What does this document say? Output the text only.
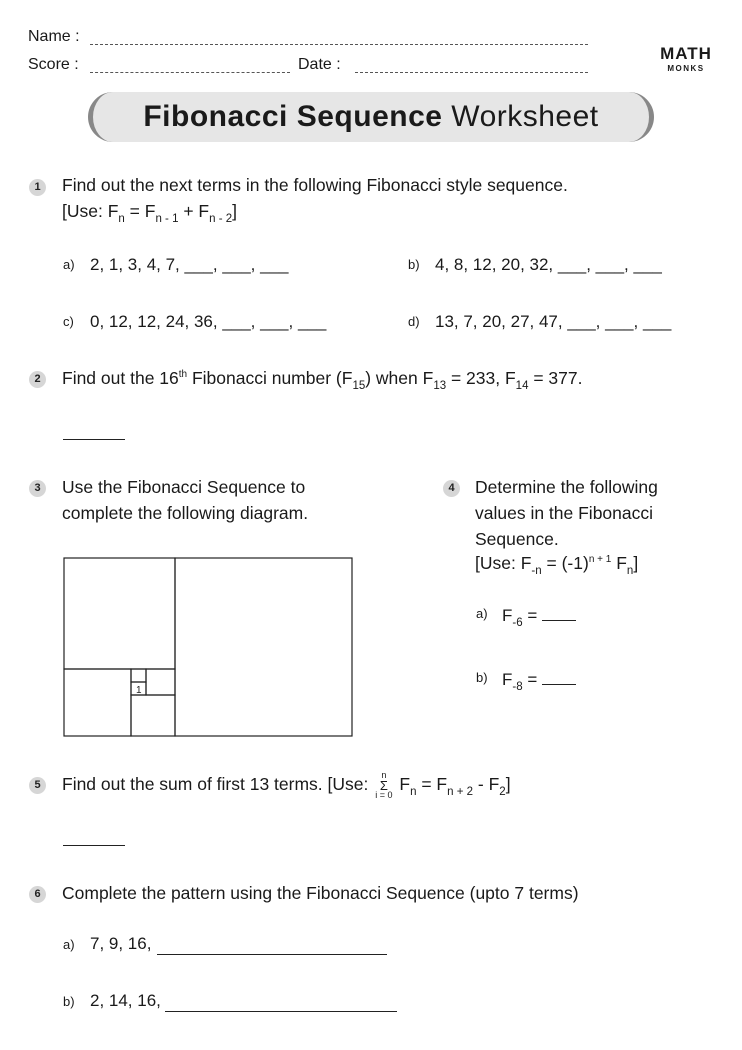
Name :
Score :	Date :
MATH
MONKS
Fibonacci Sequence Worksheet
1	Find out the next terms in the following Fibonacci style sequence.
[Use: $F_n = F_{n - 1} + F_{n - 2}$]
a) 2, 1, 3, 4, 7, ___, ___, ___	b) 4, 8, 12, 20, 32, ___, ___, ___
c) 0, 12, 12, 24, 36, ___, ___, ___	d) 13, 7, 20, 27, 47, ___, ___, ___
2	Find out the 16th Fibonacci number $(F_{15})$ when $F_{13} = 233$, $F_{14} = 377$.
3	Use the Fibonacci Sequence to
complete the following diagram.
1
4	Determine the following
values in the Fibonacci
Sequence.
[Use: $F_{-n} = (-1)^{n + 1}$ $F_n$]
a) $F_{-6}$ =
b) $F_{-8}$ =
5	Find out the sum of first 13 terms. [Use:	n
Σ
i = 0
$F_n = F_{n + 2} - F_2$]
6	Complete the pattern using the Fibonacci Sequence (upto 7 terms)
a) 7, 9, 16,
b) 2, 14, 16,
